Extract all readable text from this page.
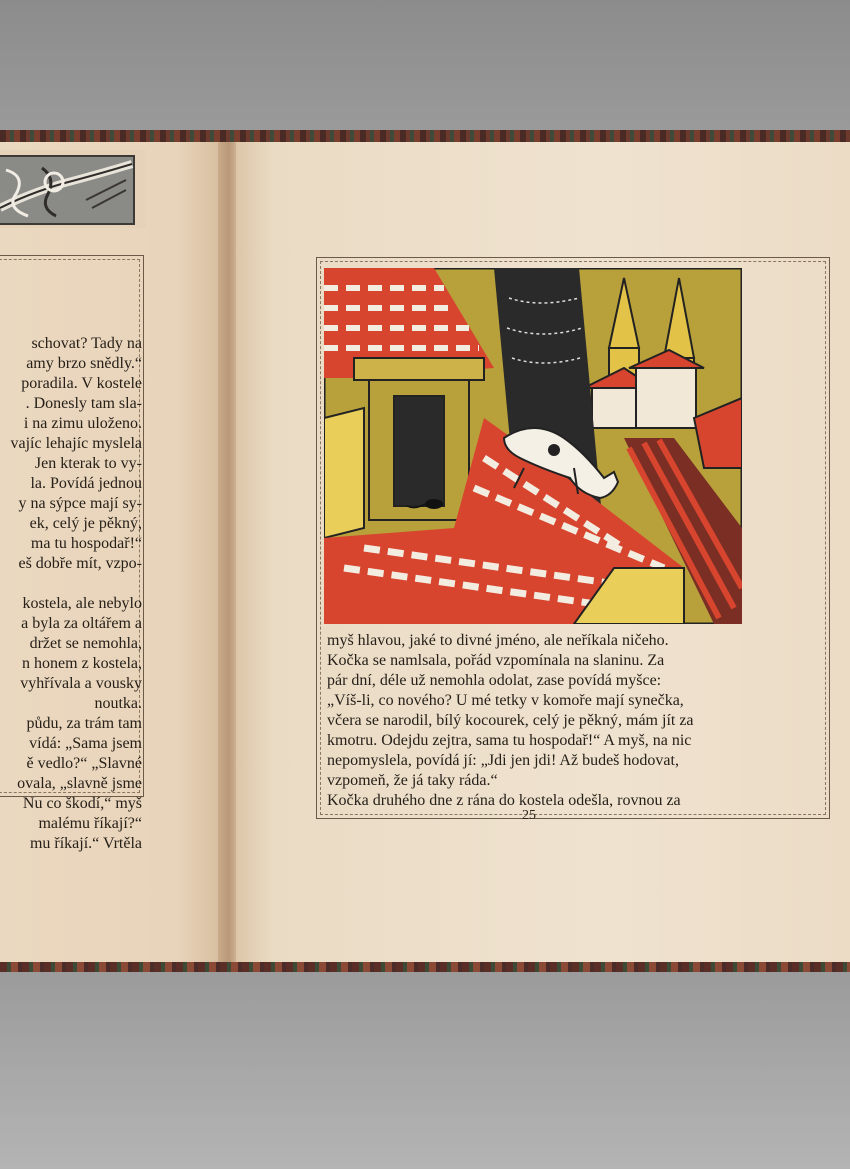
schovat? Tady na
amy brzo snědly.“
poradila. V kostele
. Donesly tam sla-
i na zimu uloženo.
vajíc lehajíc myslela
Jen kterak to vy-
la. Povídá jednou
y na sýpce mají sy-
ek, celý je pěkný,
ma tu hospodař!“
eš dobře mít, vzpo-
kostela, ale nebylo
a byla za oltářem a
držet se nemohla,
n honem z kostela,
vyhřívala a vousky
noutka.
půdu, za trám tam
vídá: „Sama jsem
ě vedlo?“ „Slavné
ovala, „slavně jsme
Nu co škodí,“ myš
malému říkají?“
mu říkají.“ Vrtěla
myš hlavou, jaké to divné jméno, ale neříkala ničeho.
Kočka se namlsala, pořád vzpomínala na slaninu. Za
pár dní, déle už nemohla odolat, zase povídá myšce:
„Víš-li, co nového? U mé tetky v komoře mají synečka,
včera se narodil, bílý kocourek, celý je pěkný, mám jít za
kmotru. Odejdu zejtra, sama tu hospodař!“ A myš, na nic
nepomyslela, povídá jí: „Jdi jen jdi! Až budeš hodovat,
vzpomeň, že já taky ráda.“
Kočka druhého dne z rána do kostela odešla, rovnou za
25
